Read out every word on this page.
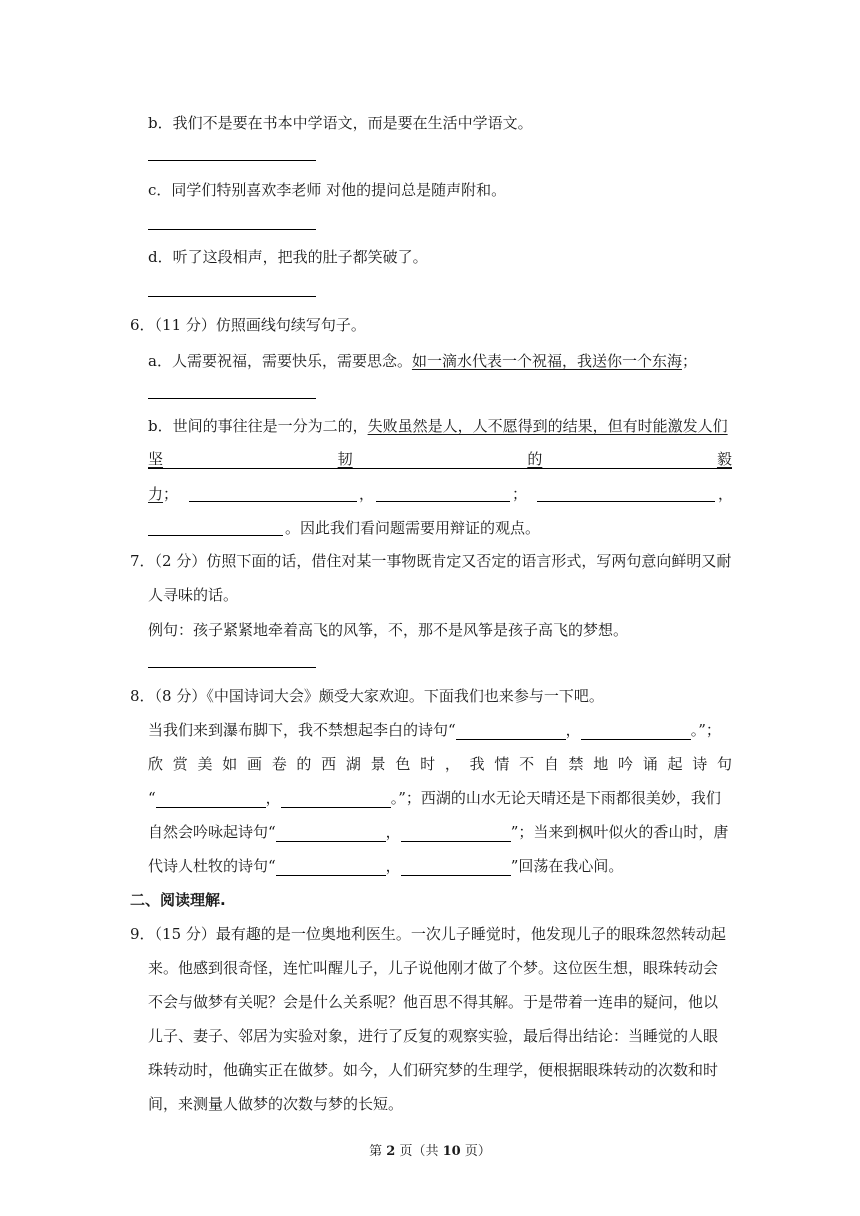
b．我们不是要在书本中学语文，而是要在生活中学语文。
c．同学们特别喜欢李老师 对他的提问总是随声附和。
d．听了这段相声，把我的肚子都笑破了。
6．（11 分）仿照画线句续写句子。
a．人需要祝福，需要快乐，需要思念。如一滴水代表一个祝福，我送你一个东海；
b．世间的事往往是一分为二的，失败虽然是人，人不愿得到的结果，但有时能激发人们
坚	韧	的	毅
力；	，	；	，
。因此我们看问题需要用辩证的观点。
7．（2 分）仿照下面的话，借住对某一事物既肯定又否定的语言形式，写两句意向鲜明又耐
人寻味的话。
例句：孩子紧紧地牵着高飞的风筝，不，那不是风筝是孩子高飞的梦想。
8．（8 分）《中国诗词大会》颇受大家欢迎。下面我们也来参与一下吧。
当我们来到瀑布脚下，我不禁想起李白的诗句“	，	。”；
欣赏美如画卷的西湖景色时，我情不自禁地吟诵起诗句
“	，	。”；西湖的山水无论天晴还是下雨都很美妙，我们
自然会吟咏起诗句“	，	”；当来到枫叶似火的香山时，唐
代诗人杜牧的诗句“	，	”回荡在我心间。
二、阅读理解.
9．（15 分）最有趣的是一位奥地利医生。一次儿子睡觉时，他发现儿子的眼珠忽然转动起
来。他感到很奇怪，连忙叫醒儿子，儿子说他刚才做了个梦。这位医生想，眼珠转动会
不会与做梦有关呢？会是什么关系呢？他百思不得其解。于是带着一连串的疑问，他以
儿子、妻子、邻居为实验对象，进行了反复的观察实验，最后得出结论：当睡觉的人眼
珠转动时，他确实正在做梦。如今，人们研究梦的生理学，便根据眼珠转动的次数和时
间，来测量人做梦的次数与梦的长短。
第 2 页（共 10 页）
